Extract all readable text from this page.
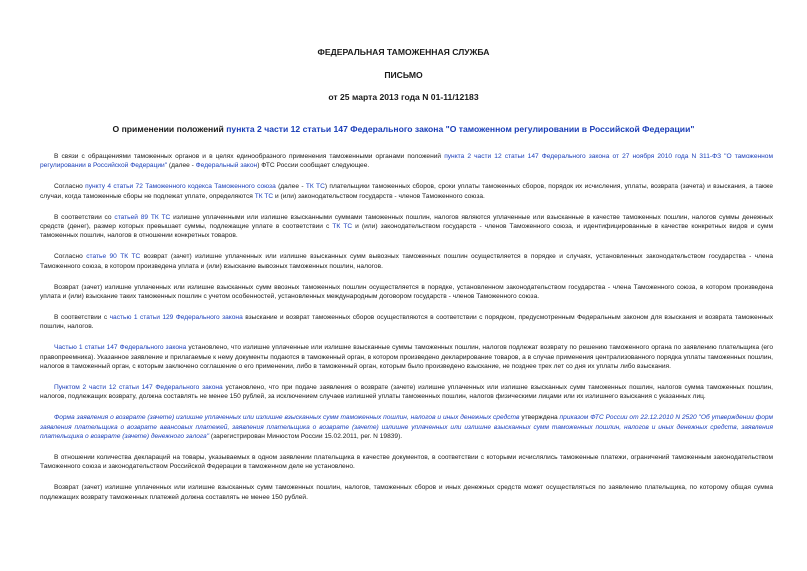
ФЕДЕРАЛЬНАЯ ТАМОЖЕННАЯ СЛУЖБА
ПИСЬМО
от 25 марта 2013 года N 01-11/12183
О применении положений пункта 2 части 12 статьи 147 Федерального закона "О таможенном регулировании в Российской Федерации"

В связи с обращениями таможенных органов и в целях единообразного применения таможенными органами положений пункта 2 части 12 статьи 147 Федерального закона от 27 ноября 2010 года N 311-ФЗ "О таможенном регулировании в Российской Федерации" (далее - Федеральный закон) ФТС России сообщает следующее.

Согласно пункту 4 статьи 72 Таможенного кодекса Таможенного союза (далее - ТК ТС) плательщики таможенных сборов, сроки уплаты таможенных сборов, порядок их исчисления, уплаты, возврата (зачета) и взыскания, а также случаи, когда таможенные сборы не подлежат уплате, определяются ТК ТС и (или) законодательством государств - членов Таможенного союза.

В соответствии со статьей 89 ТК ТС излишне уплаченными или излишне взысканными суммами таможенных пошлин, налогов являются уплаченные или взысканные в качестве таможенных пошлин, налогов суммы денежных средств (денег), размер которых превышает суммы, подлежащие уплате в соответствии с ТК ТС и (или) законодательством государств - членов Таможенного союза, и идентифицированные в качестве конкретных видов и сумм таможенных пошлин, налогов в отношении конкретных товаров.

Согласно статье 90 ТК ТС возврат (зачет) излишне уплаченных или излишне взысканных сумм вывозных таможенных пошлин осуществляется в порядке и случаях, установленных законодательством государства - члена Таможенного союза, в котором произведена уплата и (или) взыскание вывозных таможенных пошлин, налогов.

Возврат (зачет) излишне уплаченных или излишне взысканных сумм ввозных таможенных пошлин осуществляется в порядке, установленном законодательством государства - члена Таможенного союза, в котором произведена уплата и (или) взыскание таких таможенных пошлин с учетом особенностей, установленных международным договором государств - членов Таможенного союза.

В соответствии с частью 1 статьи 129 Федерального закона взыскание и возврат таможенных сборов осуществляются в соответствии с порядком, предусмотренным Федеральным законом для взыскания и возврата таможенных пошлин, налогов.

Частью 1 статьи 147 Федерального закона установлено, что излишне уплаченные или излишне взысканные суммы таможенных пошлин, налогов подлежат возврату по решению таможенного органа по заявлению плательщика (его правопреемника). Указанное заявление и прилагаемые к нему документы подаются в таможенный орган, в котором произведено декларирование товаров, а в случае применения централизованного порядка уплаты таможенных пошлин, налогов в таможенный орган, с которым заключено соглашение о его применении, либо в таможенный орган, которым было произведено взыскание, не позднее трех лет со дня их уплаты либо взыскания.

Пунктом 2 части 12 статьи 147 Федерального закона установлено, что при подаче заявления о возврате (зачете) излишне уплаченных или излишне взысканных сумм таможенных пошлин, налогов сумма таможенных пошлин, налогов, подлежащих возврату, должна составлять не менее 150 рублей, за исключением случаев излишней уплаты таможенных пошлин, налогов физическими лицами или их излишнего взыскания с указанных лиц.

Форма заявления о возврате (зачете) излишне уплаченных или излишне взысканных сумм таможенных пошлин, налогов и иных денежных средств утверждена приказом ФТС России от 22.12.2010 N 2520 "Об утверждении форм заявления плательщика о возврате авансовых платежей, заявления плательщика о возврате (зачете) излишне уплаченных или излишне взысканных сумм таможенных пошлин, налогов и иных денежных средств, заявления плательщика о возврате (зачете) денежного залога" (зарегистрирован Минюстом России 15.02.2011, рег. N 19839).

В отношении количества деклараций на товары, указываемых в одном заявлении плательщика в качестве документов, в соответствии с которыми исчислялись таможенные платежи, ограничений таможенным законодательством Таможенного союза и законодательством Российской Федерации в таможенном деле не установлено.

Возврат (зачет) излишне уплаченных или излишне взысканных сумм таможенных пошлин, налогов, таможенных сборов и иных денежных средств может осуществляться по заявлению плательщика, по которому общая сумма подлежащих возврату таможенных платежей должна составлять не менее 150 рублей.
